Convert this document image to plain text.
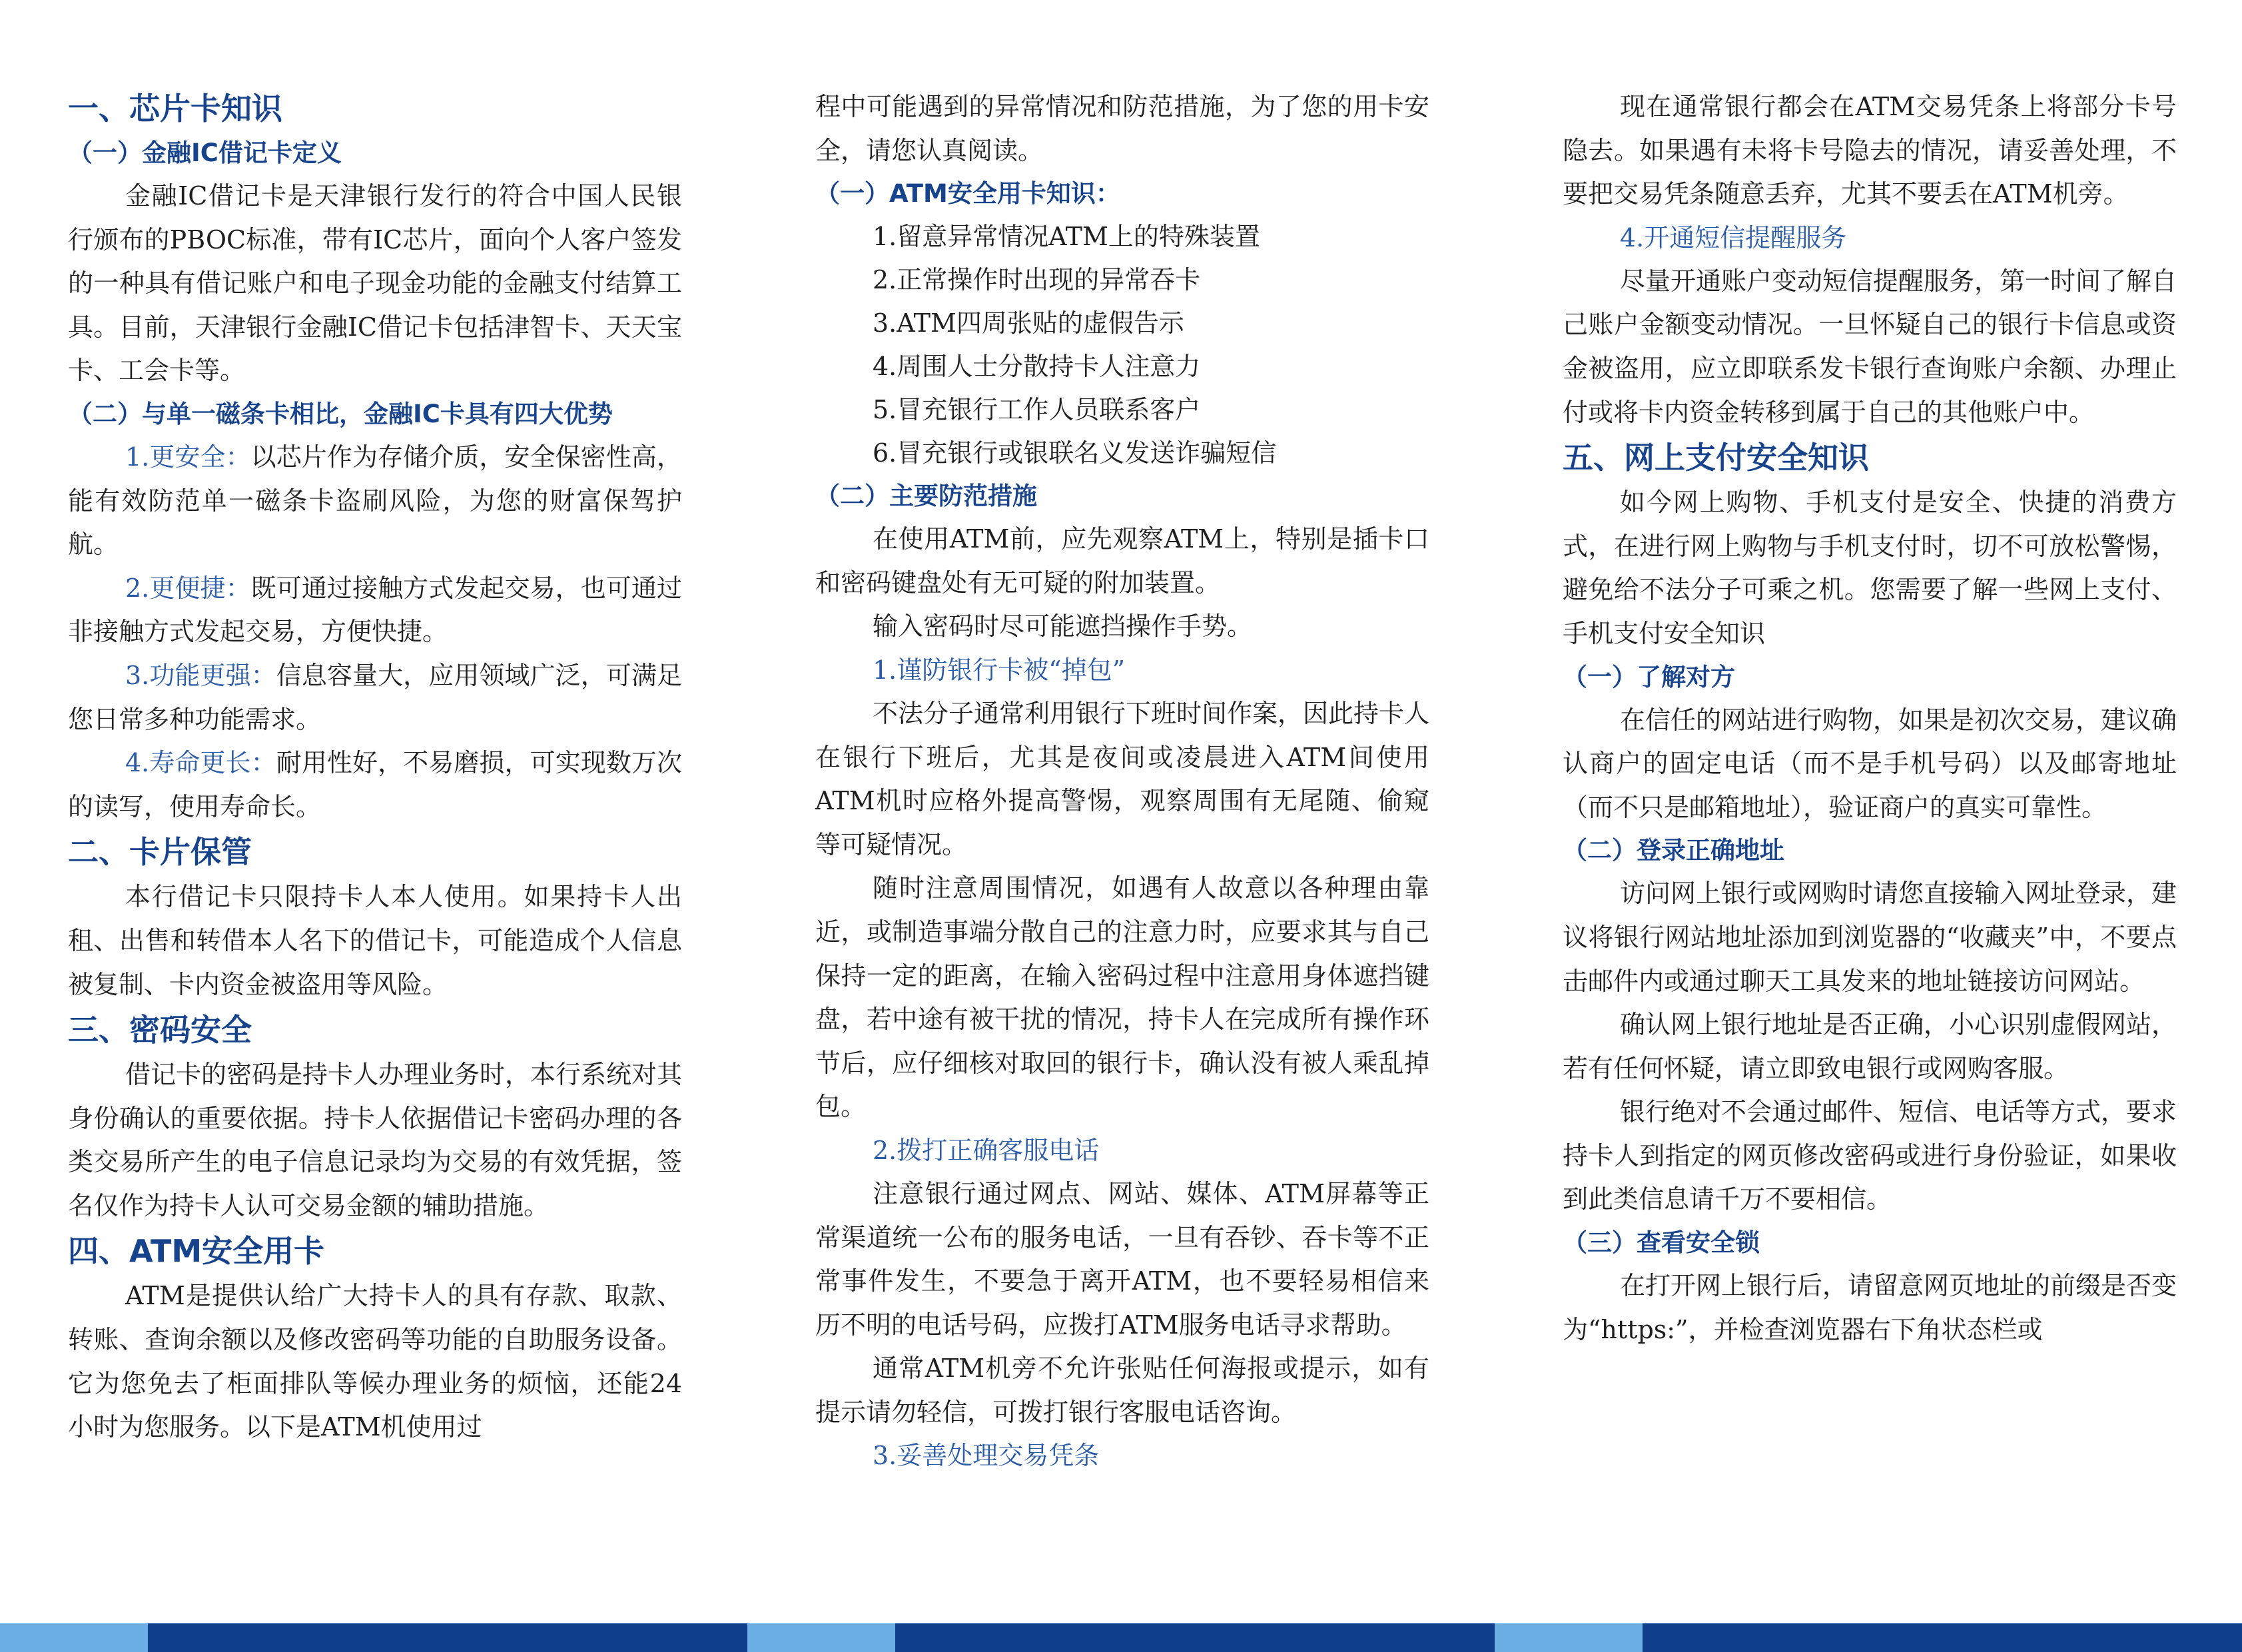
一、芯片卡知识
（一）金融IC借记卡定义

金融IC借记卡是天津银行发行的符合中国人民银行颁布的PBOC标准，带有IC芯片，面向个人客户签发的一种具有借记账户和电子现金功能的金融支付结算工具。目前，天津银行金融IC借记卡包括津智卡、天天宝卡、工会卡等。

（二）与单一磁条卡相比，金融IC卡具有四大优势

1.更安全：以芯片作为存储介质，安全保密性高，能有效防范单一磁条卡盗刷风险，为您的财富保驾护航。

2.更便捷：既可通过接触方式发起交易，也可通过非接触方式发起交易，方便快捷。

3.功能更强：信息容量大，应用领域广泛，可满足您日常多种功能需求。

4.寿命更长：耐用性好，不易磨损，可实现数万次的读写，使用寿命长。

二、卡片保管

本行借记卡只限持卡人本人使用。如果持卡人出租、出售和转借本人名下的借记卡，可能造成个人信息被复制、卡内资金被盗用等风险。

三、密码安全

借记卡的密码是持卡人办理业务时，本行系统对其身份确认的重要依据。持卡人依据借记卡密码办理的各类交易所产生的电子信息记录均为交易的有效凭据，签名仅作为持卡人认可交易金额的辅助措施。

四、ATM安全用卡

ATM是提供认给广大持卡人的具有存款、取款、转账、查询余额以及修改密码等功能的自助服务设备。它为您免去了柜面排队等候办理业务的烦恼，还能24小时为您服务。以下是ATM机使用过

程中可能遇到的异常情况和防范措施，为了您的用卡安全，请您认真阅读。

（一）ATM安全用卡知识：
1.留意异常情况ATM上的特殊装置
2.正常操作时出现的异常吞卡
3.ATM四周张贴的虚假告示
4.周围人士分散持卡人注意力
5.冒充银行工作人员联系客户
6.冒充银行或银联名义发送诈骗短信
（二）主要防范措施

在使用ATM前，应先观察ATM上，特别是插卡口和密码键盘处有无可疑的附加装置。

输入密码时尽可能遮挡操作手势。

1.谨防银行卡被“掉包”

不法分子通常利用银行下班时间作案，因此持卡人在银行下班后，尤其是夜间或凌晨进入ATM间使用ATM机时应格外提高警惕，观察周围有无尾随、偷窥等可疑情况。

随时注意周围情况，如遇有人故意以各种理由靠近，或制造事端分散自己的注意力时，应要求其与自己保持一定的距离，在输入密码过程中注意用身体遮挡键盘，若中途有被干扰的情况，持卡人在完成所有操作环节后，应仔细核对取回的银行卡，确认没有被人乘乱掉包。

2.拨打正确客服电话

注意银行通过网点、网站、媒体、ATM屏幕等正常渠道统一公布的服务电话，一旦有吞钞、吞卡等不正常事件发生，不要急于离开ATM，也不要轻易相信来历不明的电话号码，应拨打ATM服务电话寻求帮助。

通常ATM机旁不允许张贴任何海报或提示，如有提示请勿轻信，可拨打银行客服电话咨询。

3.妥善处理交易凭条

现在通常银行都会在ATM交易凭条上将部分卡号隐去。如果遇有未将卡号隐去的情况，请妥善处理，不要把交易凭条随意丢弃，尤其不要丢在ATM机旁。

4.开通短信提醒服务

尽量开通账户变动短信提醒服务，第一时间了解自己账户金额变动情况。一旦怀疑自己的银行卡信息或资金被盗用，应立即联系发卡银行查询账户余额、办理止付或将卡内资金转移到属于自己的其他账户中。

五、网上支付安全知识

如今网上购物、手机支付是安全、快捷的消费方式，在进行网上购物与手机支付时，切不可放松警惕，避免给不法分子可乘之机。您需要了解一些网上支付、手机支付安全知识

（一）了解对方

在信任的网站进行购物，如果是初次交易，建议确认商户的固定电话（而不是手机号码）以及邮寄地址（而不只是邮箱地址），验证商户的真实可靠性。

（二）登录正确地址

访问网上银行或网购时请您直接输入网址登录，建议将银行网站地址添加到浏览器的“收藏夹”中，不要点击邮件内或通过聊天工具发来的地址链接访问网站。

确认网上银行地址是否正确，小心识别虚假网站，若有任何怀疑，请立即致电银行或网购客服。

银行绝对不会通过邮件、短信、电话等方式，要求持卡人到指定的网页修改密码或进行身份验证，如果收到此类信息请千万不要相信。

（三）查看安全锁

在打开网上银行后，请留意网页地址的前缀是否变为“https:”，并检查浏览器右下角状态栏或
